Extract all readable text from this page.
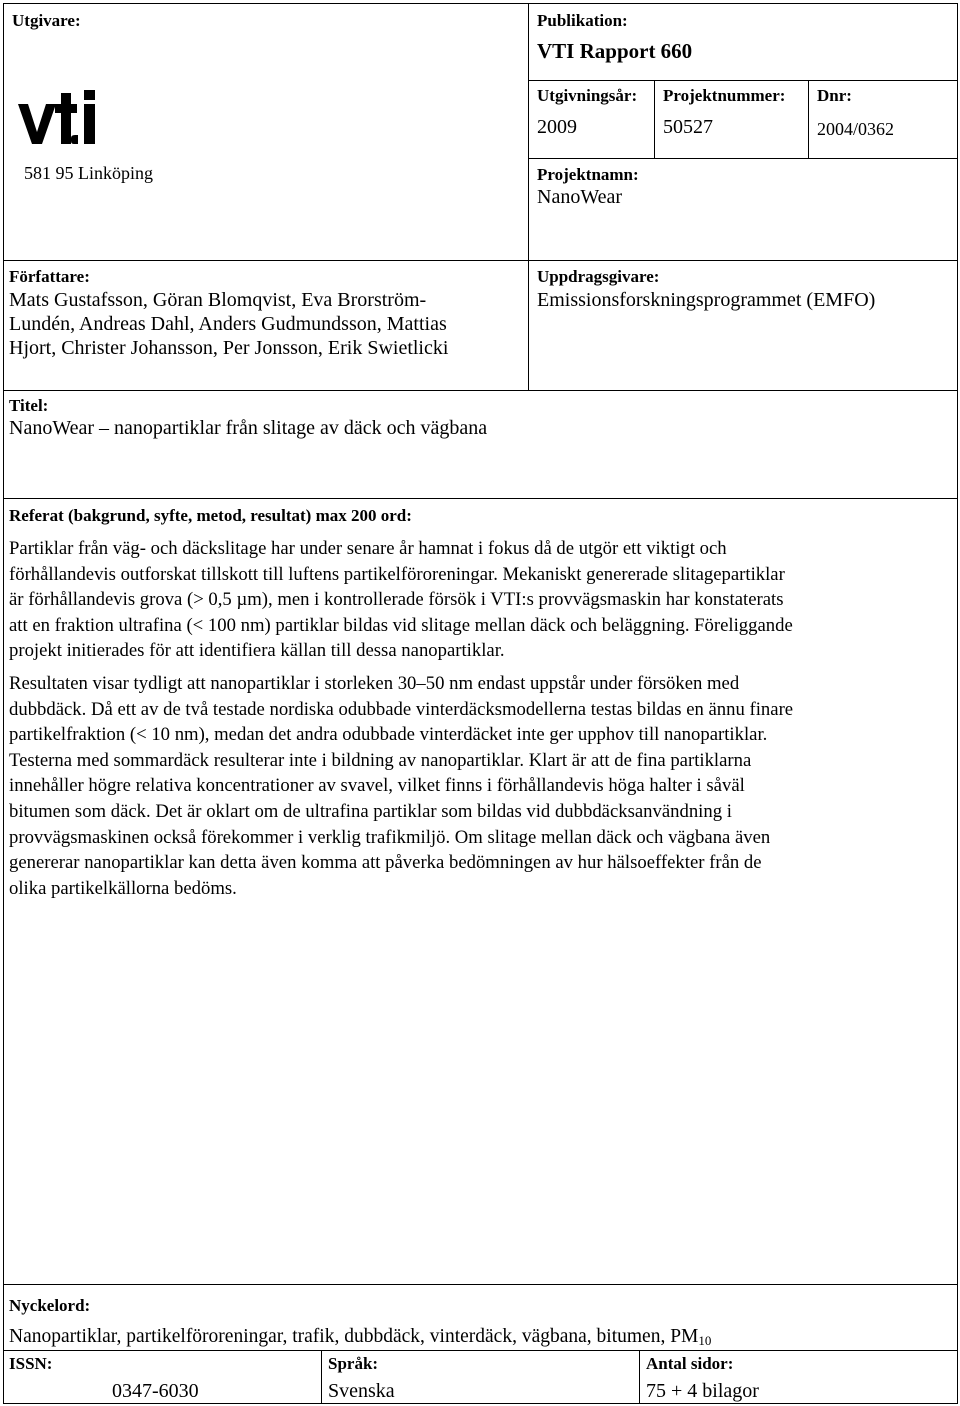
Utgivare:
581 95 Linköping
Publikation:
VTI Rapport 660
Utgivningsår:
2009
Projektnummer:
50527
Dnr:
2004/0362
Projektnamn:
NanoWear
Författare:
Mats Gustafsson, Göran Blomqvist, Eva Brorström-
Lundén, Andreas Dahl, Anders Gudmundsson, Mattias
Hjort, Christer Johansson, Per Jonsson, Erik Swietlicki
Uppdragsgivare:
Emissionsforskningsprogrammet (EMFO)
Titel:
NanoWear – nanopartiklar från slitage av däck och vägbana
Referat (bakgrund, syfte, metod, resultat) max 200 ord:

Partiklar från väg- och däckslitage har under senare år hamnat i fokus då de utgör ett viktigt och
förhållandevis outforskat tillskott till luftens partikelföroreningar. Mekaniskt genererade slitagepartiklar
är förhållandevis grova (> 0,5 µm), men i kontrollerade försök i VTI:s provvägsmaskin har konstaterats
att en fraktion ultrafina (< 100 nm) partiklar bildas vid slitage mellan däck och beläggning. Föreliggande
projekt initierades för att identifiera källan till dessa nanopartiklar.

Resultaten visar tydligt att nanopartiklar i storleken 30–50 nm endast uppstår under försöken med
dubbdäck. Då ett av de två testade nordiska odubbade vinterdäcksmodellerna testas bildas en ännu finare
partikelfraktion (< 10 nm), medan det andra odubbade vinterdäcket inte ger upphov till nanopartiklar.
Testerna med sommardäck resulterar inte i bildning av nanopartiklar. Klart är att de fina partiklarna
innehåller högre relativa koncentrationer av svavel, vilket finns i förhållandevis höga halter i såväl
bitumen som däck. Det är oklart om de ultrafina partiklar som bildas vid dubbdäcksanvändning i
provvägsmaskinen också förekommer i verklig trafikmiljö. Om slitage mellan däck och vägbana även
genererar nanopartiklar kan detta även komma att påverka bedömningen av hur hälsoeffekter från de
olika partikelkällorna bedöms.

Nyckelord:
Nanopartiklar, partikelföroreningar, trafik, dubbdäck, vinterdäck, vägbana, bitumen, $PM_{10}$
ISSN:
0347-6030
Språk:
Svenska
Antal sidor:
75 + 4 bilagor
